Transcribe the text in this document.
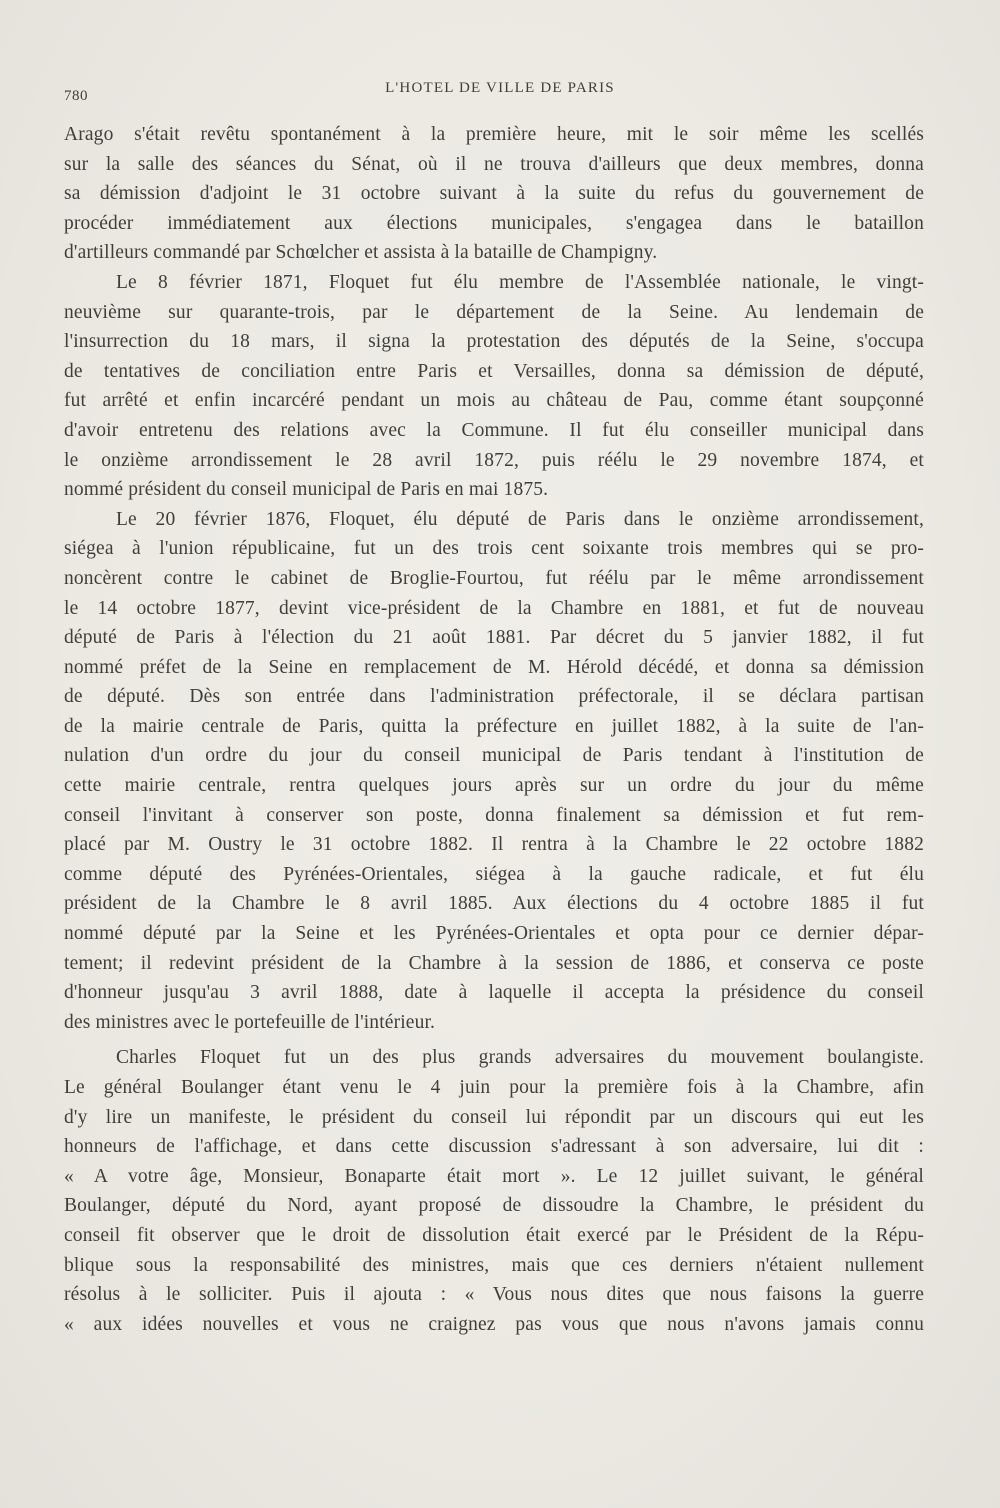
780	L'HOTEL DE VILLE DE PARIS
Arago s'était revêtu spontanément à la première heure, mit le soir même les scellés
sur la salle des séances du Sénat, où il ne trouva d'ailleurs que deux membres, donna
sa démission d'adjoint le 31 octobre suivant à la suite du refus du gouvernement de
procéder immédiatement aux élections municipales, s'engagea dans le bataillon
d'artilleurs commandé par Schœlcher et assista à la bataille de Champigny.
Le 8 février 1871, Floquet fut élu membre de l'Assemblée nationale, le vingt-
neuvième sur quarante-trois, par le département de la Seine. Au lendemain de
l'insurrection du 18 mars, il signa la protestation des députés de la Seine, s'occupa
de tentatives de conciliation entre Paris et Versailles, donna sa démission de député,
fut arrêté et enfin incarcéré pendant un mois au château de Pau, comme étant soupçonné
d'avoir entretenu des relations avec la Commune. Il fut élu conseiller municipal dans
le onzième arrondissement le 28 avril 1872, puis réélu le 29 novembre 1874, et
nommé président du conseil municipal de Paris en mai 1875.
Le 20 février 1876, Floquet, élu député de Paris dans le onzième arrondissement,
siégea à l'union républicaine, fut un des trois cent soixante trois membres qui se pro-
noncèrent contre le cabinet de Broglie-Fourtou, fut réélu par le même arrondissement
le 14 octobre 1877, devint vice-président de la Chambre en 1881, et fut de nouveau
député de Paris à l'élection du 21 août 1881. Par décret du 5 janvier 1882, il fut
nommé préfet de la Seine en remplacement de M. Hérold décédé, et donna sa démission
de député. Dès son entrée dans l'administration préfectorale, il se déclara partisan
de la mairie centrale de Paris, quitta la préfecture en juillet 1882, à la suite de l'an-
nulation d'un ordre du jour du conseil municipal de Paris tendant à l'institution de
cette mairie centrale, rentra quelques jours après sur un ordre du jour du même
conseil l'invitant à conserver son poste, donna finalement sa démission et fut rem-
placé par M. Oustry le 31 octobre 1882. Il rentra à la Chambre le 22 octobre 1882
comme député des Pyrénées-Orientales, siégea à la gauche radicale, et fut élu
président de la Chambre le 8 avril 1885. Aux élections du 4 octobre 1885 il fut
nommé député par la Seine et les Pyrénées-Orientales et opta pour ce dernier dépar-
tement; il redevint président de la Chambre à la session de 1886, et conserva ce poste
d'honneur jusqu'au 3 avril 1888, date à laquelle il accepta la présidence du conseil
des ministres avec le portefeuille de l'intérieur.
Charles Floquet fut un des plus grands adversaires du mouvement boulangiste.
Le général Boulanger étant venu le 4 juin pour la première fois à la Chambre, afin
d'y lire un manifeste, le président du conseil lui répondit par un discours qui eut les
honneurs de l'affichage, et dans cette discussion s'adressant à son adversaire, lui dit :
« A votre âge, Monsieur, Bonaparte était mort ». Le 12 juillet suivant, le général
Boulanger, député du Nord, ayant proposé de dissoudre la Chambre, le président du
conseil fit observer que le droit de dissolution était exercé par le Président de la Répu-
blique sous la responsabilité des ministres, mais que ces derniers n'étaient nullement
résolus à le solliciter. Puis il ajouta : « Vous nous dites que nous faisons la guerre
« aux idées nouvelles et vous ne craignez pas vous que nous n'avons jamais connu
